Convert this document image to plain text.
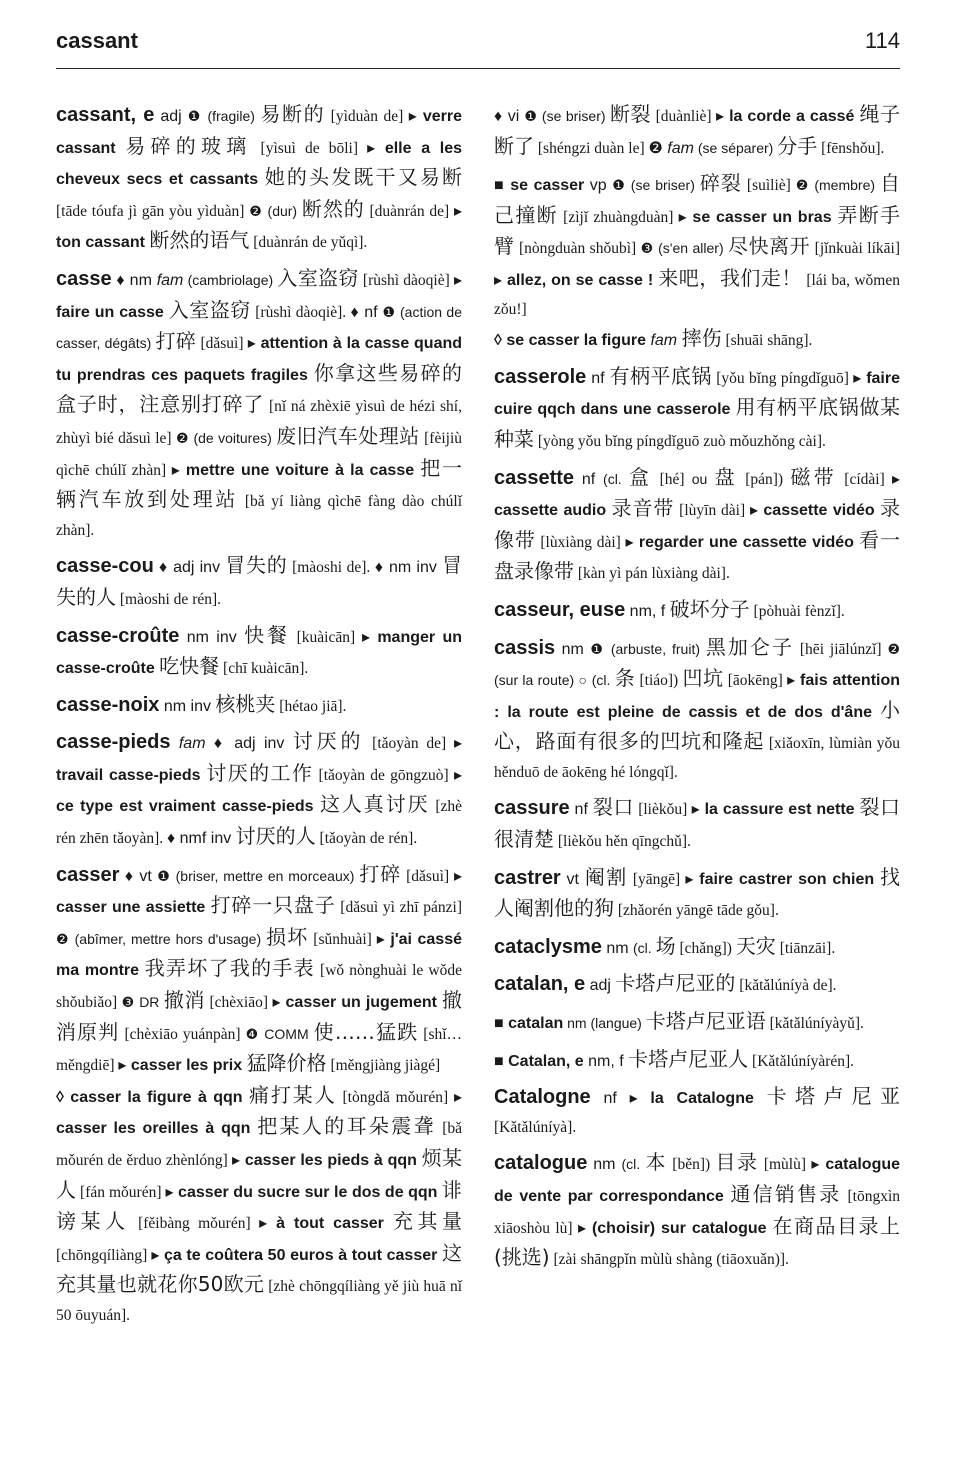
cassant	114
cassant, e adj ❶ (fragile) 易断的 [yìduàn de] ▸ verre cassant 易碎的玻璃 [yìsuì de bōli] ▸ elle a les cheveux secs et cassants 她的头发既干又易断 [tāde tóufa jì gān yòu yìduàn] ❷ (dur) 断然的 [duànrán de] ▸ ton cassant 断然的语气 [duànrán de yǔqì].
casse ♦ nm fam (cambriolage) 入室盗窃 [rùshì dàoqiè] ▸ faire un casse 入室盗窃 [rùshì dàoqiè]. ♦ nf ❶ (action de casser, dégâts) 打碎 [dǎsuì] ▸ attention à la casse quand tu prendras ces paquets fragiles 你拿这些易碎的盒子时，注意别打碎了 [nǐ ná zhèxiē yìsuì de hézi shí, zhùyì bié dǎsuì le] ❷ (de voitures) 废旧汽车处理站 [fèijiù qìchē chúlǐ zhàn] ▸ mettre une voiture à la casse 把一辆汽车放到处理站 [bǎ yí liàng qìchē fàng dào chúlǐ zhàn].
casse-cou ♦ adj inv 冒失的 [màoshi de]. ♦ nm inv 冒失的人 [màoshi de rén].
casse-croûte nm inv 快餐 [kuàicān] ▸ manger un casse-croûte 吃快餐 [chī kuàicān].
casse-noix nm inv 核桃夹 [hétao jiā].
casse-pieds fam ♦ adj inv 讨厌的 [tǎoyàn de] ▸ travail casse-pieds 讨厌的工作 [tǎoyàn de gōngzuò] ▸ ce type est vraiment casse-pieds 这人真讨厌 [zhè rén zhēn tǎoyàn]. ♦ nmf inv 讨厌的人 [tǎoyàn de rén].
casser ♦ vt ❶ (briser, mettre en morceaux) 打碎 [dǎsuì] ▸ casser une assiette 打碎一只盘子 [dǎsuì yì zhī pánzi] ❷ (abîmer, mettre hors d'usage) 损坏 [sǔnhuài] ▸ j'ai cassé ma montre 我弄坏了我的手表 [wǒ nònghuài le wǒde shǒubiǎo] ❸ DR 撤消 [chèxiāo] ▸ casser un jugement 撤消原判 [chèxiāo yuánpàn] ❹ COMM 使……猛跌 [shǐ… měngdiē] ▸ casser les prix 猛降价格 [měngjiàng jiàgé]
◊ casser la figure à qqn 痛打某人 [tòngdǎ mǒurén] ▸ casser les oreilles à qqn 把某人的耳朵震聋 [bǎ mǒurén de ěrduo zhènlóng] ▸ casser les pieds à qqn 烦某人 [fán mǒurén] ▸ casser du sucre sur le dos de qqn 诽谤某人 [fěibàng mǒurén] ▸ à tout casser 充其量 [chōngqíliàng] ▸ ça te coûtera 50 euros à tout casser 这充其量也就花你50欧元 [zhè chōngqíliàng yě jiù huā nǐ 50 ōuyuán].
♦ vi ❶ (se briser) 断裂 [duànliè] ▸ la corde a cassé 绳子断了 [shéngzi duàn le] ❷ fam (se séparer) 分手 [fēnshǒu].
■ se casser vp ❶ (se briser) 碎裂 [suìliè] ❷ (membre) 自己撞断 [zìjǐ zhuàngduàn] ▸ se casser un bras 弄断手臂 [nòngduàn shǒubì] ❸ (s'en aller) 尽快离开 [jǐnkuài líkāi] ▸ allez, on se casse ! 来吧，我们走！ [lái ba, wǒmen zǒu!]
◊ se casser la figure fam 摔伤 [shuāi shāng].
casserole nf 有柄平底锅 [yǒu bǐng píngdǐguō] ▸ faire cuire qqch dans une casserole 用有柄平底锅做某种菜 [yòng yǒu bǐng píngdǐguō zuò mǒuzhǒng cài].
cassette nf (cl. 盒 [hé] ou 盘 [pán]) 磁带 [cídài] ▸ cassette audio 录音带 [lùyīn dài] ▸ cassette vidéo 录像带 [lùxiàng dài] ▸ regarder une cassette vidéo 看一盘录像带 [kàn yì pán lùxiàng dài].
casseur, euse nm, f 破坏分子 [pòhuài fènzǐ].
cassis nm ❶ (arbuste, fruit) 黑加仑子 [hēi jiālúnzǐ] ❷ (sur la route) ○ (cl. 条 [tiáo]) 凹坑 [āokēng] ▸ fais attention : la route est pleine de cassis et de dos d'âne 小心，路面有很多的凹坑和隆起 [xiǎoxīn, lùmiàn yǒu hěnduō de āokēng hé lóngqǐ].
cassure nf 裂口 [lièkǒu] ▸ la cassure est nette 裂口很清楚 [lièkǒu hěn qīngchǔ].
castrer vt 阉割 [yāngē] ▸ faire castrer son chien 找人阉割他的狗 [zhǎorén yāngē tāde gǒu].
cataclysme nm (cl. 场 [chǎng]) 天灾 [tiānzāi].
catalan, e adj 卡塔卢尼亚的 [kǎtǎlúníyà de].
■ catalan nm (langue) 卡塔卢尼亚语 [kǎtǎlúníyàyǔ].
■ Catalan, e nm, f 卡塔卢尼亚人 [Kǎtǎlúníyàrén].
Catalogne nf ▸ la Catalogne 卡塔卢尼亚 [Kǎtǎlúníyà].
catalogue nm (cl. 本 [běn]) 目录 [mùlù] ▸ catalogue de vente par correspondance 通信销售录 [tōngxìn xiāoshòu lù] ▸ (choisir) sur catalogue 在商品目录上(挑选) [zài shāngpǐn mùlù shàng (tiāoxuǎn)].
